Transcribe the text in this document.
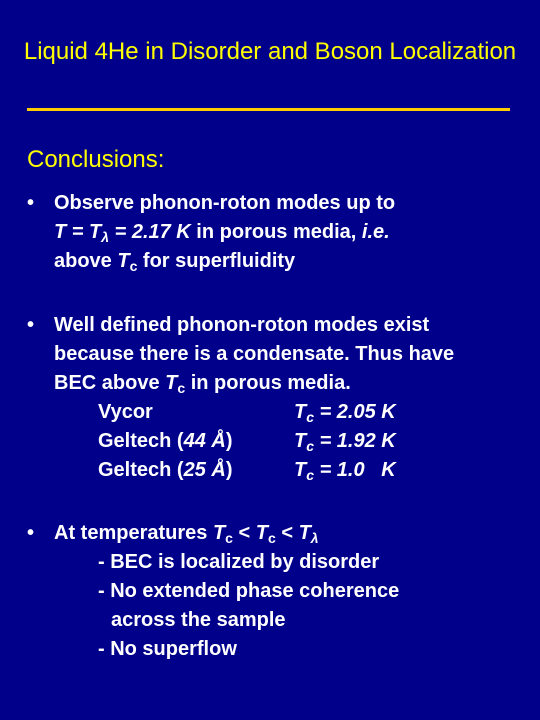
Liquid 4He in Disorder and Boson Localization
Conclusions:
• Observe phonon-roton modes up to
$T = T_\lambda = 2.17$ K in porous media, i.e.
above $T_c$ for superfluidity
• Well defined phonon-roton modes exist
because there is a condensate. Thus have
BEC above $T_c$ in porous media.
Vycor	$T_c = 2.05$ K
Geltech (44 Å)	$T_c = 1.92$ K
Geltech (25 Å)	$T_c = 1.0$   K
• At temperatures $T_c < T_c < T_\lambda$
- BEC is localized by disorder
- No extended phase coherence
across the sample
- No superflow
